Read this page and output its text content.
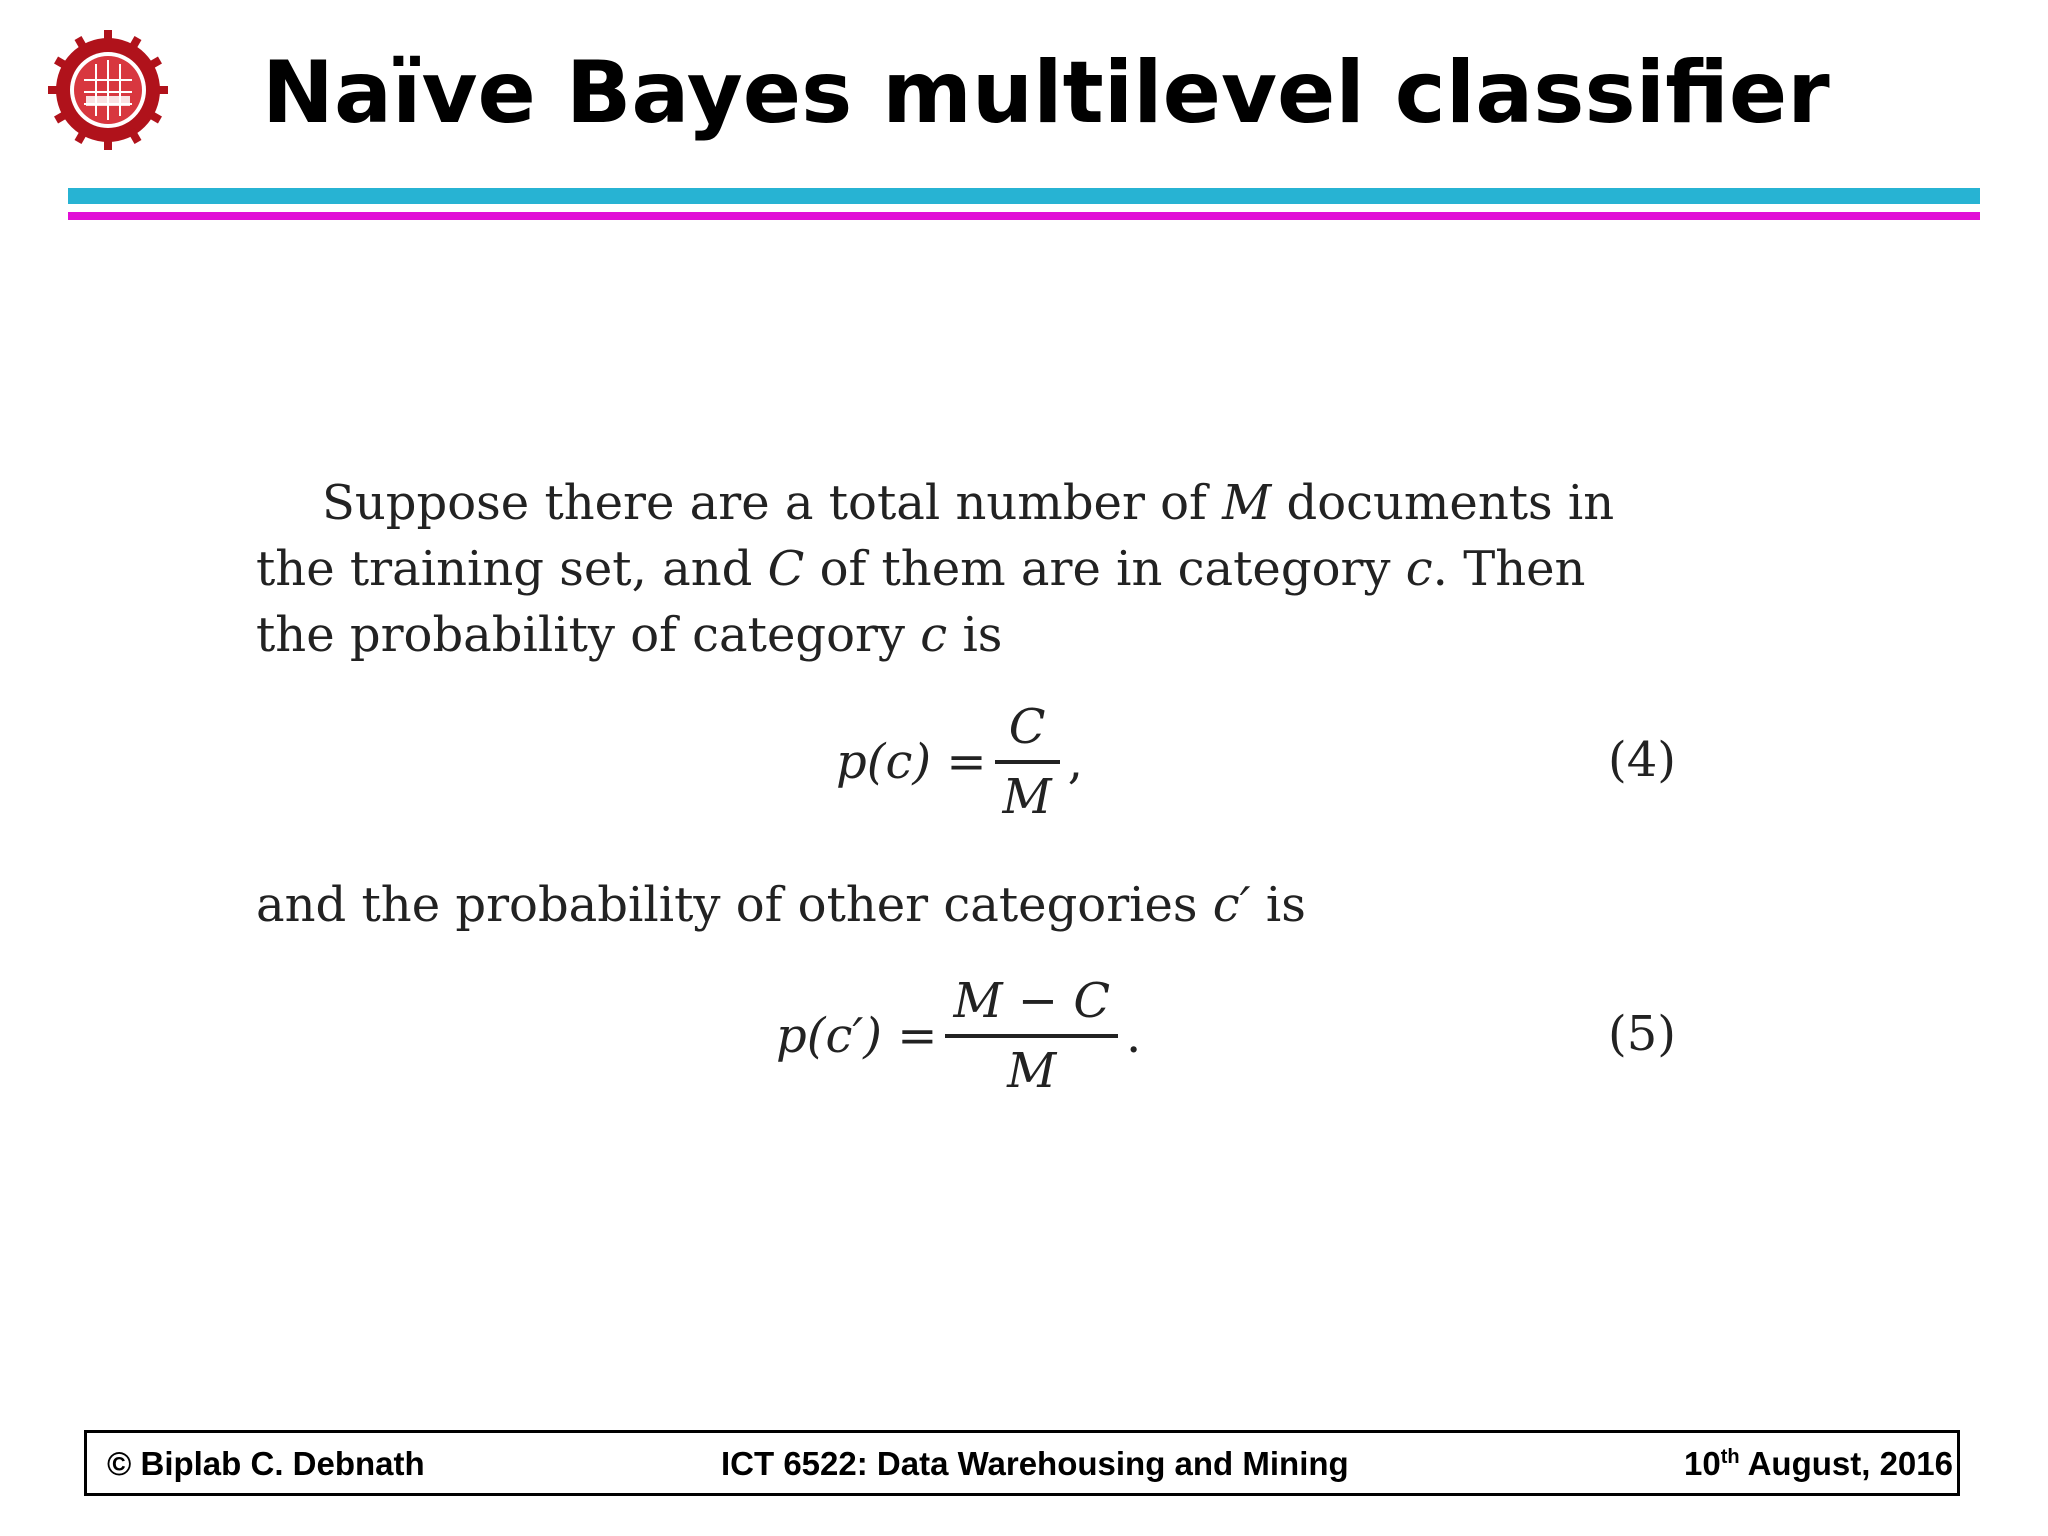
Naïve Bayes multilevel classifier

Suppose there are a total number of M documents in the training set, and C of them are in category c. Then the probability of category c is

$p(c) = \frac{C}{M}$ ,	(4)

and the probability of other categories c′ is

$p(c') = \frac{M - C}{M}$ .	(5)
© Biplab C. Debnath	ICT 6522: Data Warehousing and Mining	10th August, 2016
